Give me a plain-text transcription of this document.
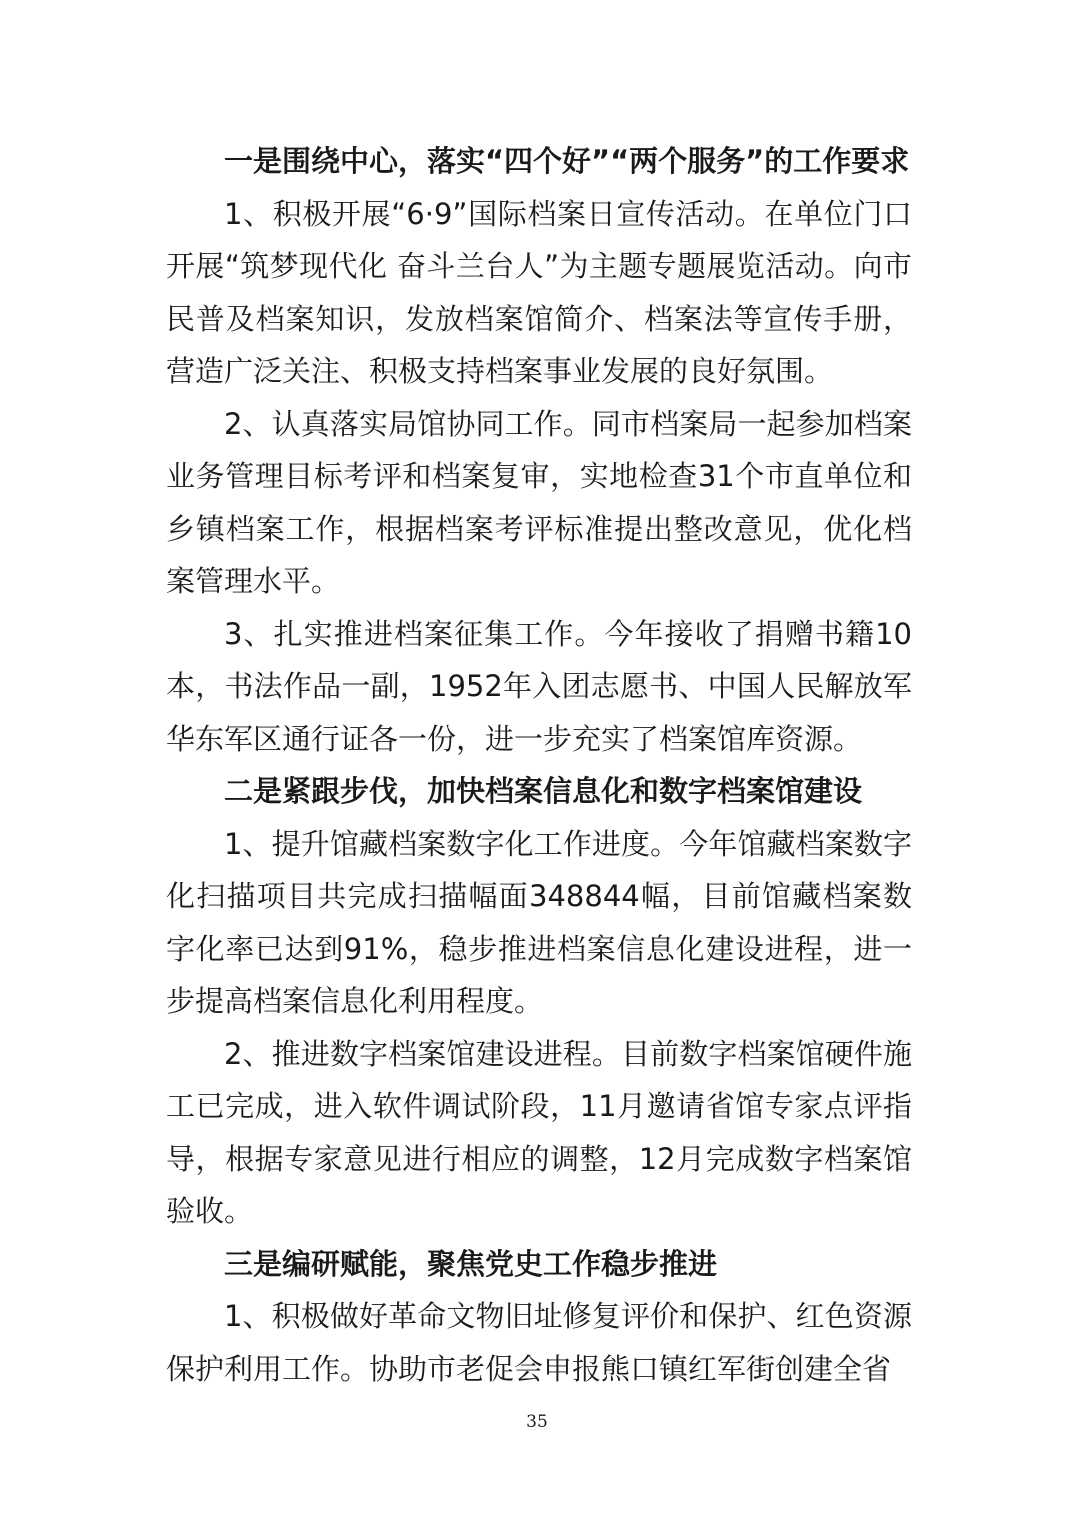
一是围绕中心，落实“四个好”“两个服务”的工作要求

1、积极开展“6·9”国际档案日宣传活动。在单位门口开展“筑梦现代化 奋斗兰台人”为主题专题展览活动。向市民普及档案知识，发放档案馆简介、档案法等宣传手册，营造广泛关注、积极支持档案事业发展的良好氛围。

2、认真落实局馆协同工作。同市档案局一起参加档案业务管理目标考评和档案复审，实地检查31个市直单位和乡镇档案工作，根据档案考评标准提出整改意见，优化档案管理水平。

3、扎实推进档案征集工作。今年接收了捐赠书籍10本，书法作品一副，1952年入团志愿书、中国人民解放军华东军区通行证各一份，进一步充实了档案馆库资源。

二是紧跟步伐，加快档案信息化和数字档案馆建设

1、提升馆藏档案数字化工作进度。今年馆藏档案数字化扫描项目共完成扫描幅面348844幅，目前馆藏档案数字化率已达到91%，稳步推进档案信息化建设进程，进一步提高档案信息化利用程度。

2、推进数字档案馆建设进程。目前数字档案馆硬件施工已完成，进入软件调试阶段，11月邀请省馆专家点评指导，根据专家意见进行相应的调整，12月完成数字档案馆验收。

三是编研赋能，聚焦党史工作稳步推进

1、积极做好革命文物旧址修复评价和保护、红色资源保护利用工作。协助市老促会申报熊口镇红军街创建全省

35
